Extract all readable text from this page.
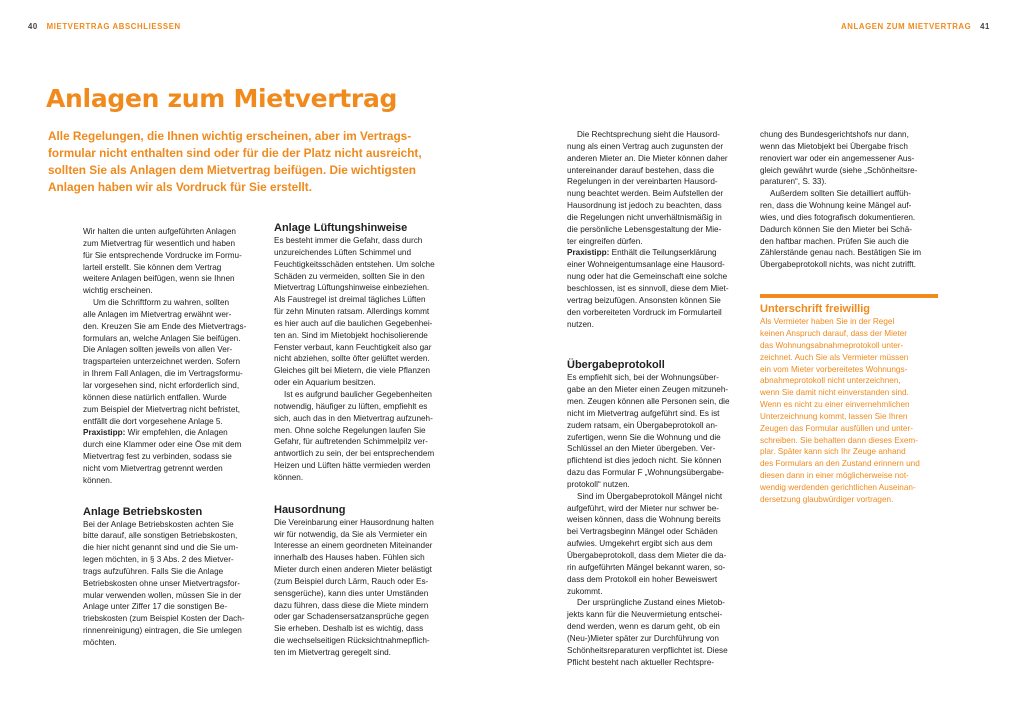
40 MIETVERTRAG ABSCHLIESSEN	ANLAGEN ZUM MIETVERTRAG 41
Anlagen zum Mietvertrag

Alle Regelungen, die Ihnen wichtig erscheinen, aber im Vertrags-formular nicht enthalten sind oder für die der Platz nicht ausreicht, sollten Sie als Anlagen dem Mietvertrag beifügen. Die wichtigsten Anlagen haben wir als Vordruck für Sie erstellt.

Wir halten die unten aufgeführten Anlagen

zum Mietvertrag für wesentlich und haben

für Sie entsprechende Vordrucke im Formu-

larteil erstellt. Sie können dem Vertrag

weitere Anlagen beifügen, wenn sie Ihnen

wichtig erscheinen.

Um die Schriftform zu wahren, sollten

alle Anlagen im Mietvertrag erwähnt wer-

den. Kreuzen Sie am Ende des Mietvertrags-

formulars an, welche Anlagen Sie beifügen.

Die Anlagen sollten jeweils von allen Ver-

tragsparteien unterzeichnet werden. Sofern

in Ihrem Fall Anlagen, die im Vertragsformu-

lar vorgesehen sind, nicht erforderlich sind,

können diese natürlich entfallen. Wurde

zum Beispiel der Mietvertrag nicht befristet,

entfällt die dort vorgesehene Anlage 5.

Praxistipp: Wir empfehlen, die Anlagen

durch eine Klammer oder eine Öse mit dem

Mietvertrag fest zu verbinden, sodass sie

nicht vom Mietvertrag getrennt werden

können.

Anlage Betriebskosten

Bei der Anlage Betriebskosten achten Sie

bitte darauf, alle sonstigen Betriebskosten,

die hier nicht genannt sind und die Sie um-

legen möchten, in § 3 Abs. 2 des Mietver-

trags aufzuführen. Falls Sie die Anlage

Betriebskosten ohne unser Mietvertragsfor-

mular verwenden wollen, müssen Sie in der

Anlage unter Ziffer 17 die sonstigen Be-

triebskosten (zum Beispiel Kosten der Dach-

rinnenreinigung) eintragen, die Sie umlegen

möchten.

Anlage Lüftungshinweise

Es besteht immer die Gefahr, dass durch

unzureichendes Lüften Schimmel und

Feuchtigkeitsschäden entstehen. Um solche

Schäden zu vermeiden, sollten Sie in den

Mietvertrag Lüftungshinweise einbeziehen.

Als Faustregel ist dreimal tägliches Lüften

für zehn Minuten ratsam. Allerdings kommt

es hier auch auf die baulichen Gegebenhei-

ten an. Sind im Mietobjekt hochisolierende

Fenster verbaut, kann Feuchtigkeit also gar

nicht abziehen, sollte öfter gelüftet werden.

Gleiches gilt bei Mietern, die viele Pflanzen

oder ein Aquarium besitzen.

Ist es aufgrund baulicher Gegebenheiten

notwendig, häufiger zu lüften, empfiehlt es

sich, auch das in den Mietvertrag aufzuneh-

men. Ohne solche Regelungen laufen Sie

Gefahr, für auftretenden Schimmelpilz ver-

antwortlich zu sein, der bei entsprechendem

Heizen und Lüften hätte vermieden werden

können.

Hausordnung

Die Vereinbarung einer Hausordnung halten

wir für notwendig, da Sie als Vermieter ein

Interesse an einem geordneten Miteinander

innerhalb des Hauses haben. Fühlen sich

Mieter durch einen anderen Mieter belästigt

(zum Beispiel durch Lärm, Rauch oder Es-

sensgerüche), kann dies unter Umständen

dazu führen, dass diese die Miete mindern

oder gar Schadensersatzansprüche gegen

Sie erheben. Deshalb ist es wichtig, dass

die wechselseitigen Rücksichtnahmepflich-

ten im Mietvertrag geregelt sind.

Die Rechtsprechung sieht die Hausord-

nung als einen Vertrag auch zugunsten der

anderen Mieter an. Die Mieter können daher

untereinander darauf bestehen, dass die

Regelungen in der vereinbarten Hausord-

nung beachtet werden. Beim Aufstellen der

Hausordnung ist jedoch zu beachten, dass

die Regelungen nicht unverhältnismäßig in

die persönliche Lebensgestaltung der Mie-

ter eingreifen dürfen.

Praxistipp: Enthält die Teilungserklärung

einer Wohneigentumsanlage eine Hausord-

nung oder hat die Gemeinschaft eine solche

beschlossen, ist es sinnvoll, diese dem Miet-

vertrag beizufügen. Ansonsten können Sie

den vorbereiteten Vordruck im Formularteil

nutzen.

Übergabeprotokoll

Es empfiehlt sich, bei der Wohnungsüber-

gabe an den Mieter einen Zeugen mitzuneh-

men. Zeugen können alle Personen sein, die

nicht im Mietvertrag aufgeführt sind. Es ist

zudem ratsam, ein Übergabeprotokoll an-

zufertigen, wenn Sie die Wohnung und die

Schlüssel an den Mieter übergeben. Ver-

pflichtend ist dies jedoch nicht. Sie können

dazu das Formular F „Wohnungsübergabe-

protokoll“ nutzen.

Sind im Übergabeprotokoll Mängel nicht

aufgeführt, wird der Mieter nur schwer be-

weisen können, dass die Wohnung bereits

bei Vertragsbeginn Mängel oder Schäden

aufwies. Umgekehrt ergibt sich aus dem

Übergabeprotokoll, dass dem Mieter die da-

rin aufgeführten Mängel bekannt waren, so-

dass dem Protokoll ein hoher Beweiswert

zukommt.

Der ursprüngliche Zustand eines Mietob-

jekts kann für die Neuvermietung entschei-

dend werden, wenn es darum geht, ob ein

(Neu-)Mieter später zur Durchführung von

Schönheitsreparaturen verpflichtet ist. Diese

Pflicht besteht nach aktueller Rechtspre-

chung des Bundesgerichtshofs nur dann,

wenn das Mietobjekt bei Übergabe frisch

renoviert war oder ein angemessener Aus-

gleich gewährt wurde (siehe „Schönheitsre-

paraturen“, S. 33).

Außerdem sollten Sie detailliert auffüh-

ren, dass die Wohnung keine Mängel auf-

wies, und dies fotografisch dokumentieren.

Dadurch können Sie den Mieter bei Schä-

den haftbar machen. Prüfen Sie auch die

Zählerstände genau nach. Bestätigen Sie im

Übergabeprotokoll nichts, was nicht zutrifft.

Unterschrift freiwillig

Als Vermieter haben Sie in der Regel

keinen Anspruch darauf, dass der Mieter

das Wohnungsabnahmeprotokoll unter-

zeichnet. Auch Sie als Vermieter müssen

ein vom Mieter vorbereitetes Wohnungs-

abnahmeprotokoll nicht unterzeichnen,

wenn Sie damit nicht einverstanden sind.

Wenn es nicht zu einer einvernehmlichen

Unterzeichnung kommt, lassen Sie Ihren

Zeugen das Formular ausfüllen und unter-

schreiben. Sie behalten dann dieses Exem-

plar. Später kann sich Ihr Zeuge anhand

des Formulars an den Zustand erinnern und

diesen dann in einer möglicherweise not-

wendig werdenden gerichtlichen Auseinan-

dersetzung glaubwürdiger vortragen.
